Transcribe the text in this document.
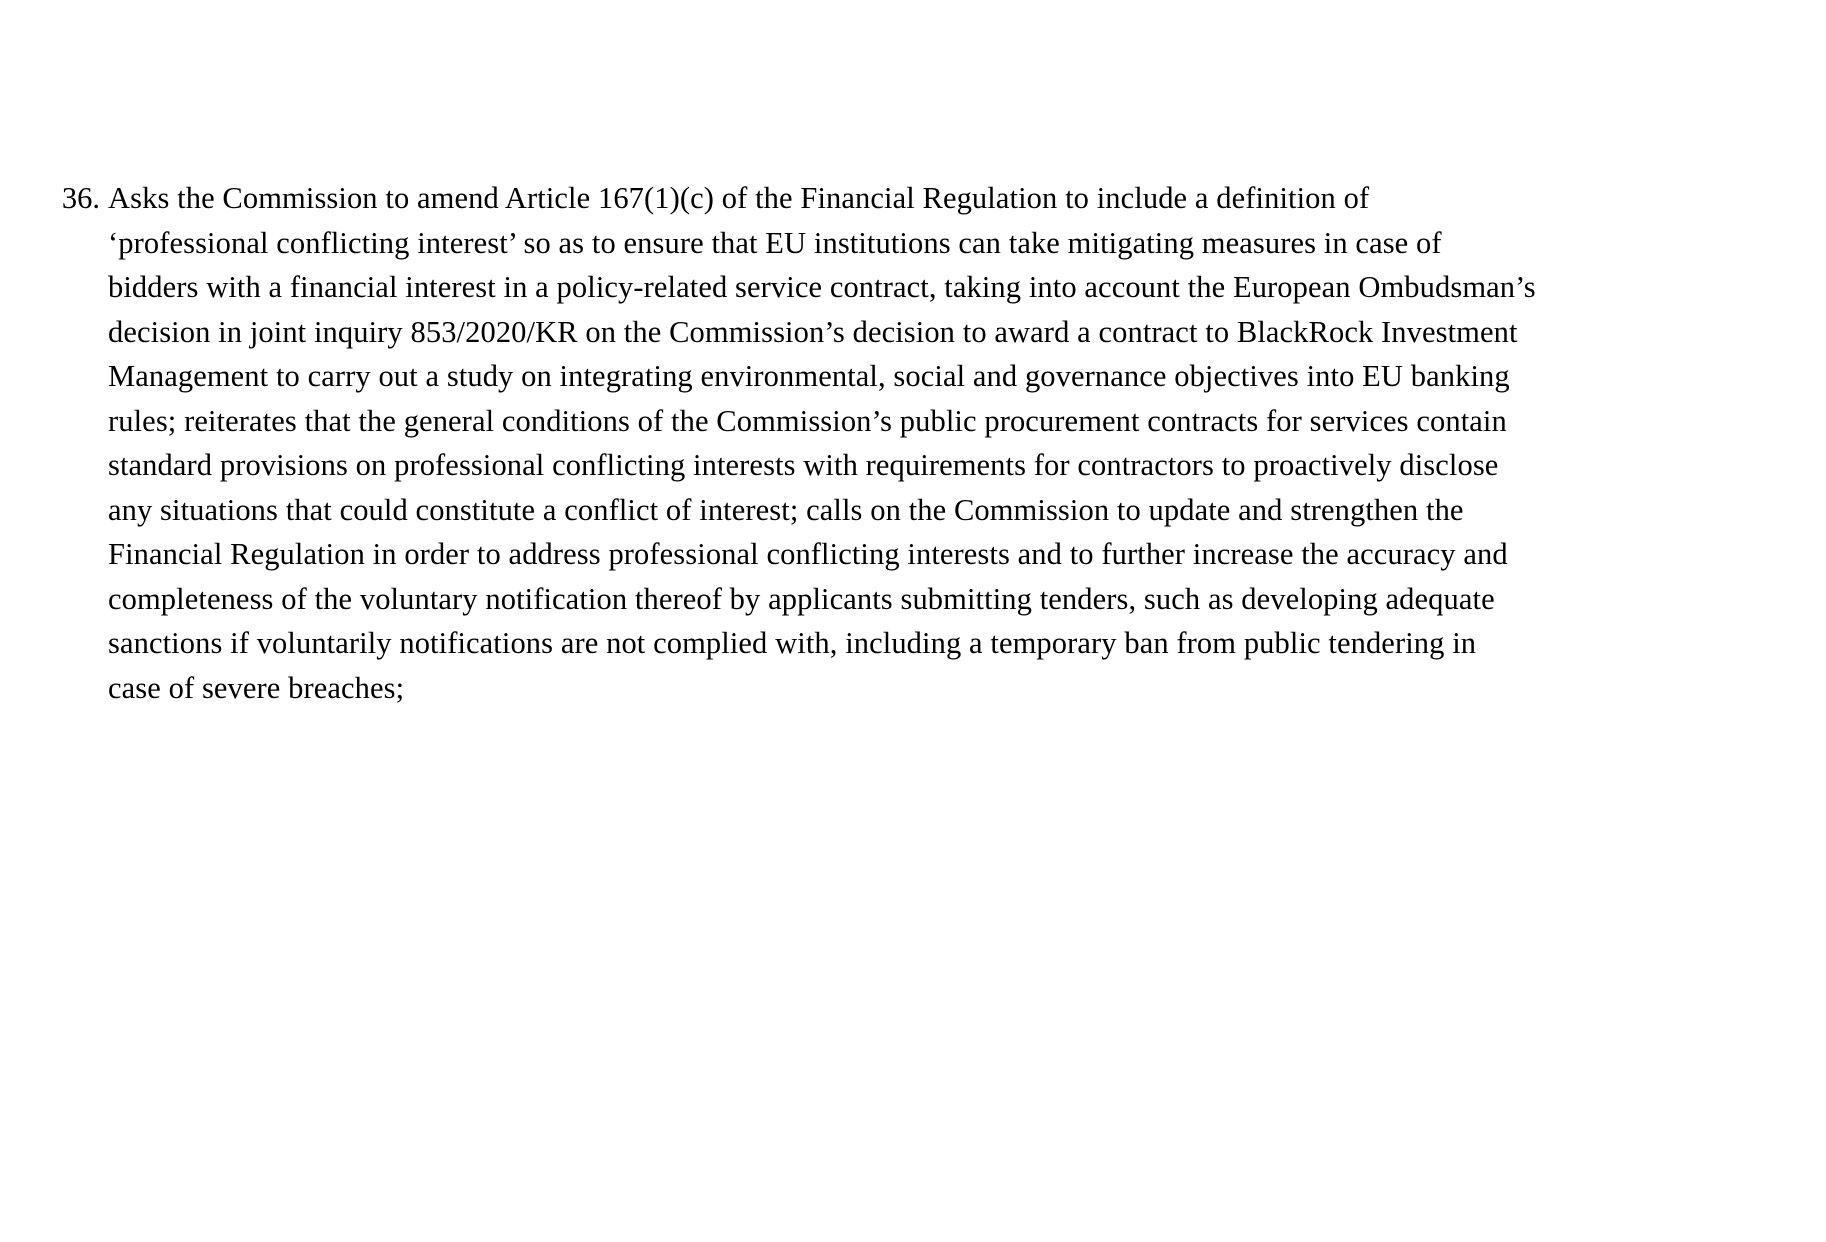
36. Asks the Commission to amend Article 167(1)(c) of the Financial Regulation to include a definition of ‘professional conflicting interest’ so as to ensure that EU institutions can take mitigating measures in case of bidders with a financial interest in a policy-related service contract, taking into account the European Ombudsman’s decision in joint inquiry 853/2020/KR on the Commission’s decision to award a contract to BlackRock Investment Management to carry out a study on integrating environmental, social and governance objectives into EU banking rules; reiterates that the general conditions of the Commission’s public procurement contracts for services contain standard provisions on professional conflicting interests with requirements for contractors to proactively disclose any situations that could constitute a conflict of interest; calls on the Commission to update and strengthen the Financial Regulation in order to address professional conflicting interests and to further increase the accuracy and completeness of the voluntary notification thereof by applicants submitting tenders, such as developing adequate sanctions if voluntarily notifications are not complied with, including a temporary ban from public tendering in case of severe breaches;
